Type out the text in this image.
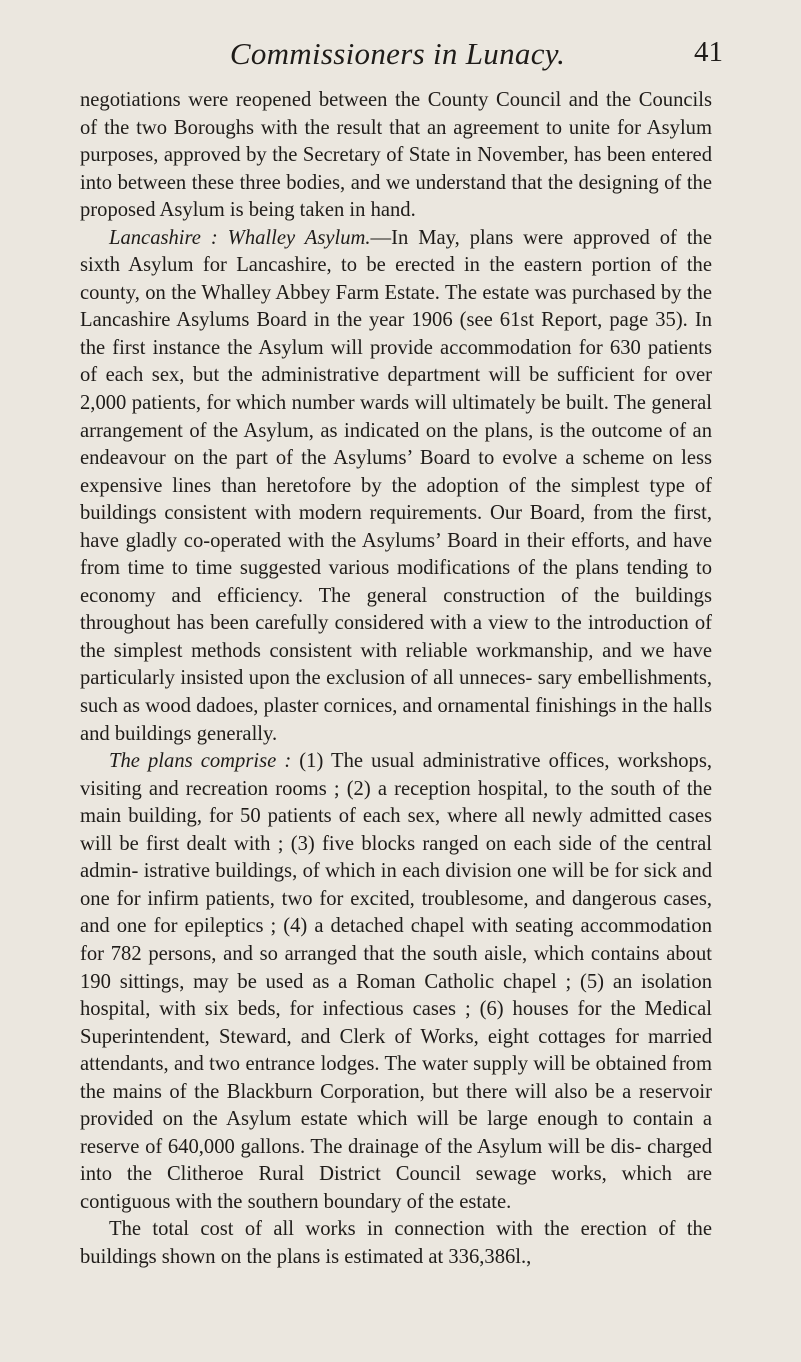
Commissioners in Lunacy.	41

negotiations were reopened between the County Council and the Councils of the two Boroughs with the result that an agreement to unite for Asylum purposes, approved by the Secretary of State in November, has been entered into between these three bodies, and we understand that the designing of the proposed Asylum is being taken in hand.

Lancashire : Whalley Asylum.—In May, plans were approved of the sixth Asylum for Lancashire, to be erected in the eastern portion of the county, on the Whalley Abbey Farm Estate. The estate was purchased by the Lancashire Asylums Board in the year 1906 (see 61st Report, page 35). In the first instance the Asylum will provide accommodation for 630 patients of each sex, but the administrative department will be sufficient for over 2,000 patients, for which number wards will ultimately be built. The general arrangement of the Asylum, as indicated on the plans, is the outcome of an endeavour on the part of the Asylums’ Board to evolve a scheme on less expensive lines than heretofore by the adoption of the simplest type of buildings consistent with modern requirements. Our Board, from the first, have gladly co-operated with the Asylums’ Board in their efforts, and have from time to time suggested various modifications of the plans tending to economy and efficiency. The general construction of the buildings throughout has been carefully considered with a view to the introduction of the simplest methods consistent with reliable workmanship, and we have particularly insisted upon the exclusion of all unneces- sary embellishments, such as wood dadoes, plaster cornices, and ornamental finishings in the halls and buildings generally.

The plans comprise : (1) The usual administrative offices, workshops, visiting and recreation rooms ; (2) a reception hospital, to the south of the main building, for 50 patients of each sex, where all newly admitted cases will be first dealt with ; (3) five blocks ranged on each side of the central admin- istrative buildings, of which in each division one will be for sick and one for infirm patients, two for excited, troublesome, and dangerous cases, and one for epileptics ; (4) a detached chapel with seating accommodation for 782 persons, and so arranged that the south aisle, which contains about 190 sittings, may be used as a Roman Catholic chapel ; (5) an isolation hospital, with six beds, for infectious cases ; (6) houses for the Medical Superintendent, Steward, and Clerk of Works, eight cottages for married attendants, and two entrance lodges. The water supply will be obtained from the mains of the Blackburn Corporation, but there will also be a reservoir provided on the Asylum estate which will be large enough to contain a reserve of 640,000 gallons. The drainage of the Asylum will be dis- charged into the Clitheroe Rural District Council sewage works, which are contiguous with the southern boundary of the estate.

The total cost of all works in connection with the erection of the buildings shown on the plans is estimated at 336,386l.,
